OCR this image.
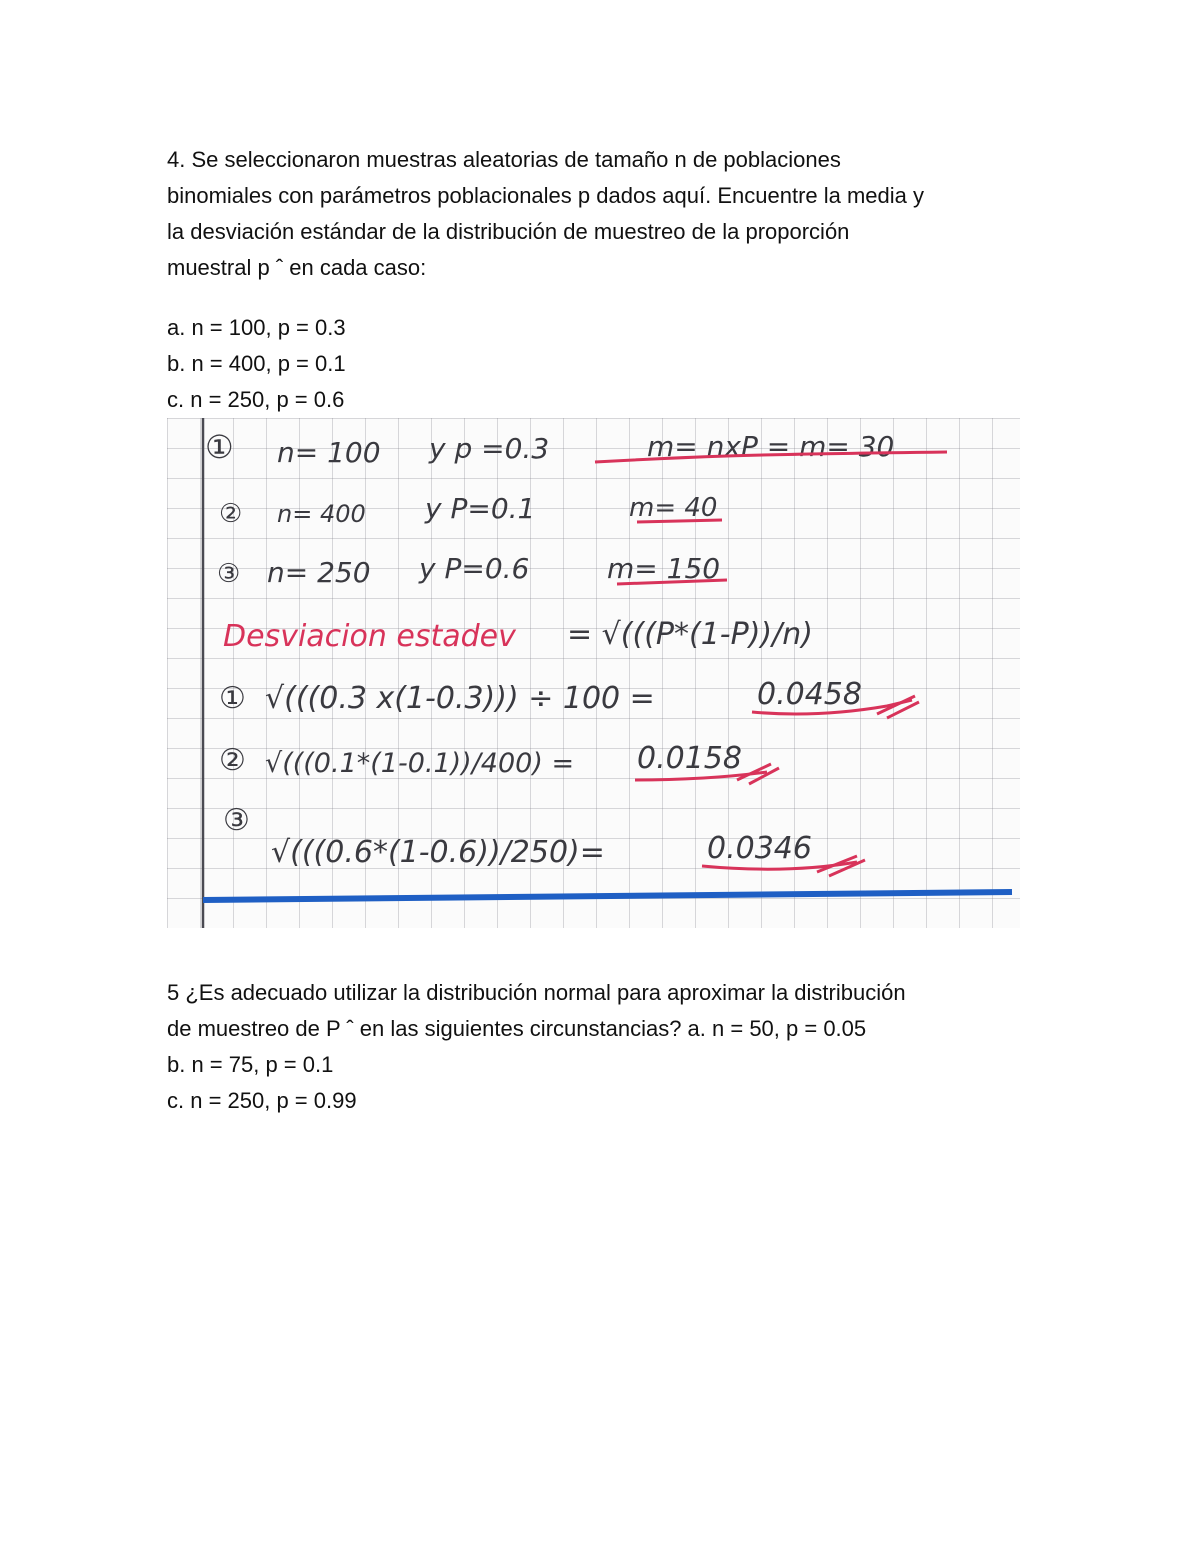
4. Se seleccionaron muestras aleatorias de tamaño n de poblaciones

binomiales con parámetros poblacionales p dados aquí. Encuentre la media y

la desviación estándar de la distribución de muestreo de la proporción

muestral p ˆ en cada caso:

a. n = 100, p = 0.3

b. n = 400, p = 0.1

c. n = 250, p = 0.6

① n= 100 y p =0.3	m= nxP = m= 30
② n= 400 y P=0.1	m= 40
③ n= 250 y P=0.6	m= 150
Desviacion estadev = √(((P*(1-P))/n)
① √(((0.3 x(1-0.3))) ÷ 100 =	0.0458
② √(((0.1*(1-0.1))/400) = 0.0158
③
√(((0.6*(1-0.6))/250)=	0.0346

5 ¿Es adecuado utilizar la distribución normal para aproximar la distribución

de muestreo de P ˆ en las siguientes circunstancias? a. n = 50, p = 0.05

b. n = 75, p = 0.1

c. n = 250, p = 0.99
